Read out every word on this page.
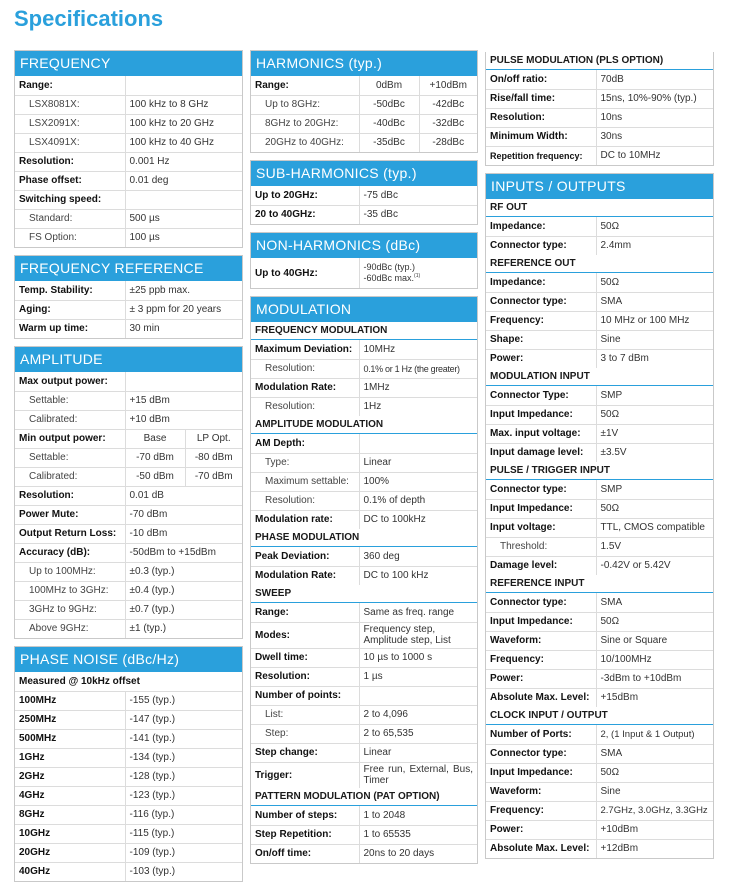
Specifications
FREQUENCY
Range:	
LSX8081X:	100 kHz to 8 GHz
LSX2091X:	100 kHz to 20 GHz
LSX4091X:	100 kHz to 40 GHz
Resolution:	0.001 Hz
Phase offset:	0.01 deg
Switching speed:	
Standard:	500 µs
FS Option:	100 µs
FREQUENCY REFERENCE
Temp. Stability:	±25 ppb max.
Aging:	± 3 ppm for 20 years
Warm up time:	30 min
AMPLITUDE
Max output power:		
Settable:	+15 dBm	
Calibrated:	+10 dBm	
Min output power:	Base	LP Opt.
Settable:	-70 dBm	-80 dBm
Calibrated:	-50 dBm	-70 dBm
Resolution:	0.01 dB	
Power Mute:	-70 dBm	
Output Return Loss:	-10 dBm	
Accuracy (dB):	-50dBm to +15dBm	
Up to 100MHz:	±0.3 (typ.)	
100MHz to 3GHz:	±0.4 (typ.)	
3GHz to 9GHz:	±0.7 (typ.)	
Above 9GHz:	±1 (typ.)	
PHASE NOISE (dBc/Hz)
Measured @ 10kHz offset	
100MHz	-155 (typ.)
250MHz	-147 (typ.)
500MHz	-141 (typ.)
1GHz	-134 (typ.)
2GHz	-128 (typ.)
4GHz	-123 (typ.)
8GHz	-116 (typ.)
10GHz	-115 (typ.)
20GHz	-109 (typ.)
40GHz	-103 (typ.)
HARMONICS (typ.)
Range:	0dBm	+10dBm
Up to 8GHz:	-50dBc	-42dBc
8GHz to 20GHz:	-40dBc	-32dBc
20GHz to 40GHz:	-35dBc	-28dBc
SUB-HARMONICS (typ.)
Up to 20GHz:	-75 dBc
20 to 40GHz:	-35 dBc
NON-HARMONICS (dBc)
Up to 40GHz:	-90dBc (typ.)
-60dBc max.$^{(1)}$
MODULATION
FREQUENCY MODULATION
Maximum Deviation:	10MHz
Resolution:	0.1% or 1 Hz (the greater)
Modulation Rate:	1MHz
Resolution:	1Hz
AMPLITUDE MODULATION
AM Depth:	
Type:	Linear
Maximum settable:	100%
Resolution:	0.1% of depth
Modulation rate:	DC to 100kHz
PHASE MODULATION
Peak Deviation:	360 deg
Modulation Rate:	DC to 100 kHz
SWEEP
Range:	Same as freq. range
Modes:	Frequency step, Amplitude step, List
Dwell time:	10 µs to 1000 s
Resolution:	1 µs
Number of points:	
List:	2 to 4,096
Step:	2 to 65,535
Step change:	Linear
Trigger:	Free run, External, Bus, Timer
PATTERN MODULATION (PAT OPTION)
Number of steps:	1 to 2048
Step Repetition:	1 to 65535
On/off time:	20ns to 20 days
PULSE MODULATION (PLS OPTION)
On/off ratio:	70dB
Rise/fall time:	15ns, 10%-90% (typ.)
Resolution:	10ns
Minimum Width:	30ns
Repetition frequency:	DC to 10MHz
INPUTS / OUTPUTS
RF OUT
Impedance:	50Ω
Connector type:	2.4mm
REFERENCE OUT
Impedance:	50Ω
Connector type:	SMA
Frequency:	10 MHz or 100 MHz
Shape:	Sine
Power:	3 to 7 dBm
MODULATION INPUT
Connector Type:	SMP
Input Impedance:	50Ω
Max. input voltage:	±1V
Input damage level:	±3.5V
PULSE / TRIGGER INPUT
Connector type:	SMP
Input Impedance:	50Ω
Input voltage:	TTL, CMOS compatible
Threshold:	1.5V
Damage level:	-0.42V or 5.42V
REFERENCE INPUT
Connector type:	SMA
Input Impedance:	50Ω
Waveform:	Sine or Square
Frequency:	10/100MHz
Power:	-3dBm to +10dBm
Absolute Max. Level:	+15dBm
CLOCK INPUT / OUTPUT
Number of Ports:	2, (1 Input & 1 Output)
Connector type:	SMA
Input Impedance:	50Ω
Waveform:	Sine
Frequency:	2.7GHz, 3.0GHz, 3.3GHz
Power:	+10dBm
Absolute Max. Level:	+12dBm
